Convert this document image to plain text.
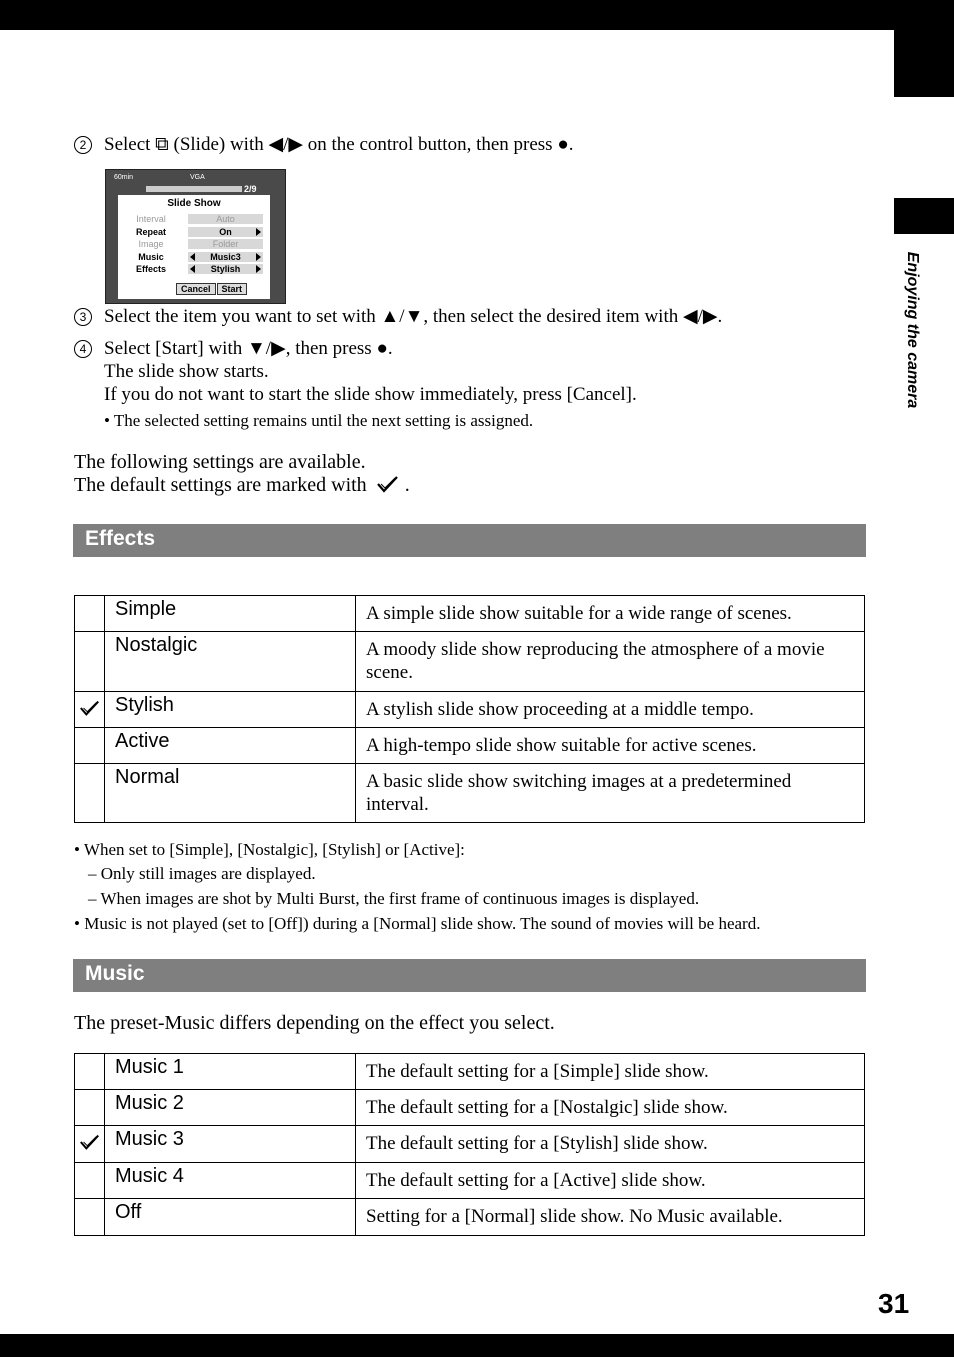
Enjoying the camera
31
2 Select ⧉ (Slide) with ◀/▶ on the control button, then press ●.
60min	VGA
2/9
Slide Show
Interval	Auto
Repeat	On
Image	Folder
Music	Music3
Effects	Stylish
Cancel Start
3 Select the item you want to set with ▲/▼, then select the desired item with ◀/▶.
4 Select [Start] with ▼/▶, then press ●.
The slide show starts.
If you do not want to start the slide show immediately, press [Cancel].
• The selected setting remains until the next setting is assigned.
The following settings are available.
The default settings are marked with .
Effects
	Simple	A simple slide show suitable for a wide range of scenes.
	Nostalgic	A moody slide show reproducing the atmosphere of a movie scene.
	Stylish	A stylish slide show proceeding at a middle tempo.
	Active	A high-tempo slide show suitable for active scenes.
	Normal	A basic slide show switching images at a predetermined interval.
• When set to [Simple], [Nostalgic], [Stylish] or [Active]:
– Only still images are displayed.
– When images are shot by Multi Burst, the first frame of continuous images is displayed.
• Music is not played (set to [Off]) during a [Normal] slide show. The sound of movies will be heard.
Music
The preset-Music differs depending on the effect you select.
	Music 1	The default setting for a [Simple] slide show.
	Music 2	The default setting for a [Nostalgic] slide show.
	Music 3	The default setting for a [Stylish] slide show.
	Music 4	The default setting for a [Active] slide show.
	Off	Setting for a [Normal] slide show. No Music available.
